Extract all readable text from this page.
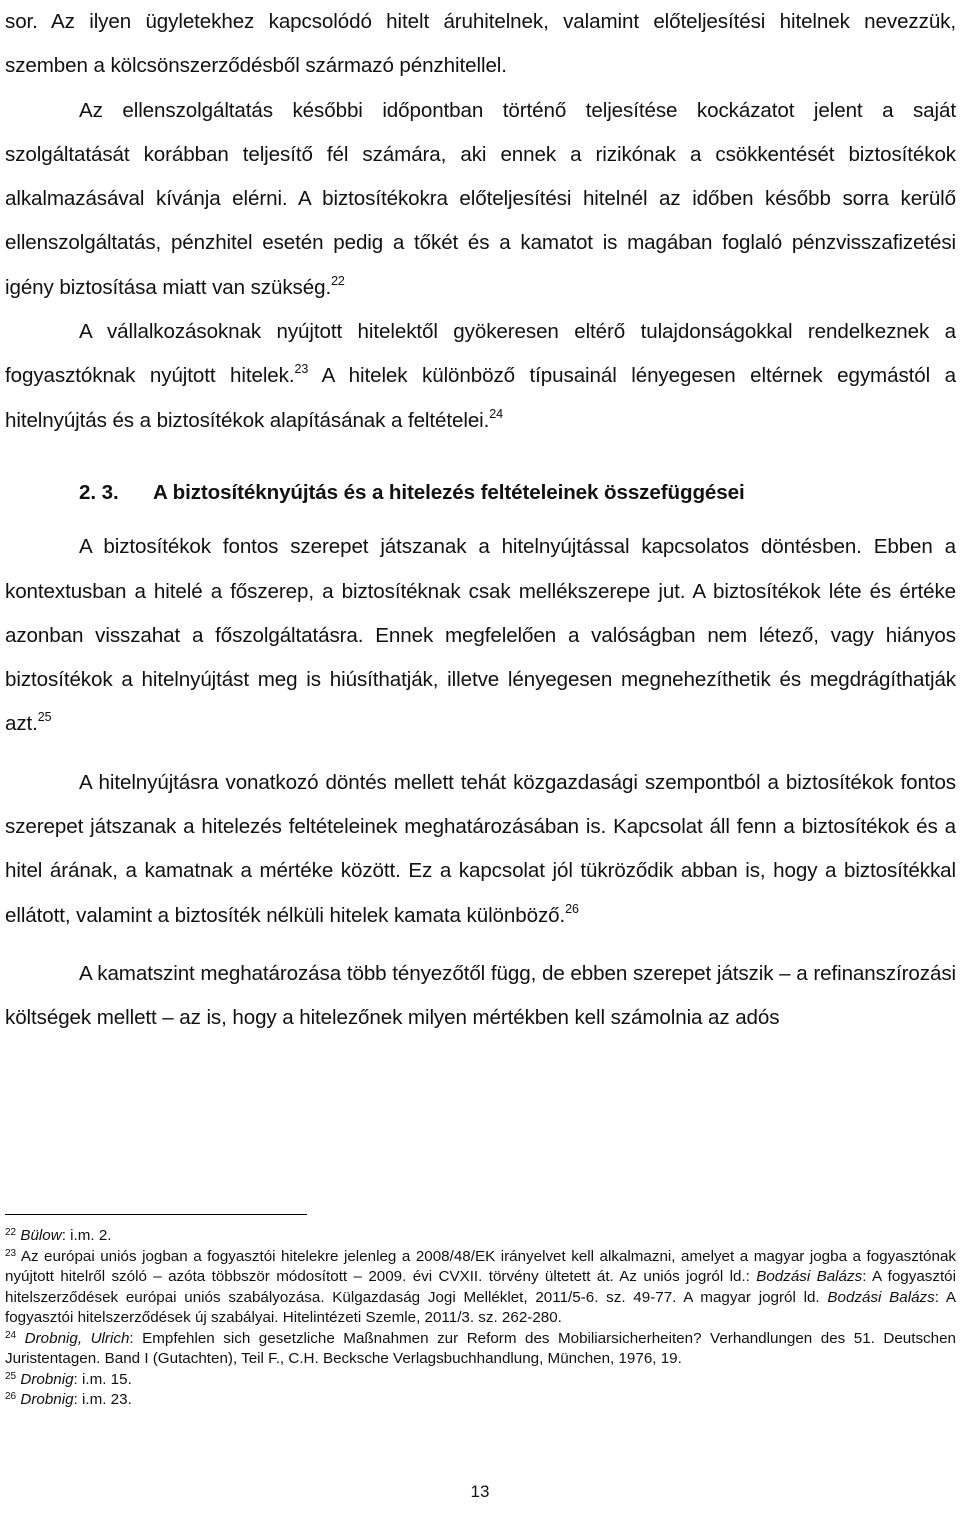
sor. Az ilyen ügyletekhez kapcsolódó hitelt áruhitelnek, valamint előteljesítési hitelnek nevezzük, szemben a kölcsönszerződésből származó pénzhitellel.

Az ellenszolgáltatás későbbi időpontban történő teljesítése kockázatot jelent a saját szolgáltatását korábban teljesítő fél számára, aki ennek a rizikónak a csökkentését biztosítékok alkalmazásával kívánja elérni. A biztosítékokra előteljesítési hitelnél az időben később sorra kerülő ellenszolgáltatás, pénzhitel esetén pedig a tőkét és a kamatot is magában foglaló pénzvisszafizetési igény biztosítása miatt van szükség.$^{22}$

A vállalkozásoknak nyújtott hitelektől gyökeresen eltérő tulajdonságokkal rendelkeznek a fogyasztóknak nyújtott hitelek.$^{23}$ A hitelek különböző típusainál lényegesen eltérnek egymástól a hitelnyújtás és a biztosítékok alapításának a feltételei.$^{24}$

2. 3. A biztosítéknyújtás és a hitelezés feltételeinek összefüggései

A biztosítékok fontos szerepet játszanak a hitelnyújtással kapcsolatos döntésben. Ebben a kontextusban a hitelé a főszerep, a biztosítéknak csak mellékszerepe jut. A biztosítékok léte és értéke azonban visszahat a főszolgáltatásra. Ennek megfelelően a valóságban nem létező, vagy hiányos biztosítékok a hitelnyújtást meg is hiúsíthatják, illetve lényegesen megnehezíthetik és megdrágíthatják azt.$^{25}$

A hitelnyújtásra vonatkozó döntés mellett tehát közgazdasági szempontból a biztosítékok fontos szerepet játszanak a hitelezés feltételeinek meghatározásában is. Kapcsolat áll fenn a biztosítékok és a hitel árának, a kamatnak a mértéke között. Ez a kapcsolat jól tükröződik abban is, hogy a biztosítékkal ellátott, valamint a biztosíték nélküli hitelek kamata különböző.$^{26}$

A kamatszint meghatározása több tényezőtől függ, de ebben szerepet játszik – a refinanszírozási költségek mellett – az is, hogy a hitelezőnek milyen mértékben kell számolnia az adós

$^{22}$ Bülow: i.m. 2.

$^{23}$ Az európai uniós jogban a fogyasztói hitelekre jelenleg a 2008/48/EK irányelvet kell alkalmazni, amelyet a magyar jogba a fogyasztónak nyújtott hitelről szóló – azóta többször módosított – 2009. évi CVXII. törvény ültetett át. Az uniós jogról ld.: Bodzási Balázs: A fogyasztói hitelszerződések európai uniós szabályozása. Külgazdaság Jogi Melléklet, 2011/5-6. sz. 49-77. A magyar jogról ld. Bodzási Balázs: A fogyasztói hitelszerződések új szabályai. Hitelintézeti Szemle, 2011/3. sz. 262-280.

$^{24}$ Drobnig, Ulrich: Empfehlen sich gesetzliche Maßnahmen zur Reform des Mobiliarsicherheiten? Verhandlungen des 51. Deutschen Juristentagen. Band I (Gutachten), Teil F., C.H. Becksche Verlagsbuchhandlung, München, 1976, 19.

$^{25}$ Drobnig: i.m. 15.

$^{26}$ Drobnig: i.m. 23.

13
